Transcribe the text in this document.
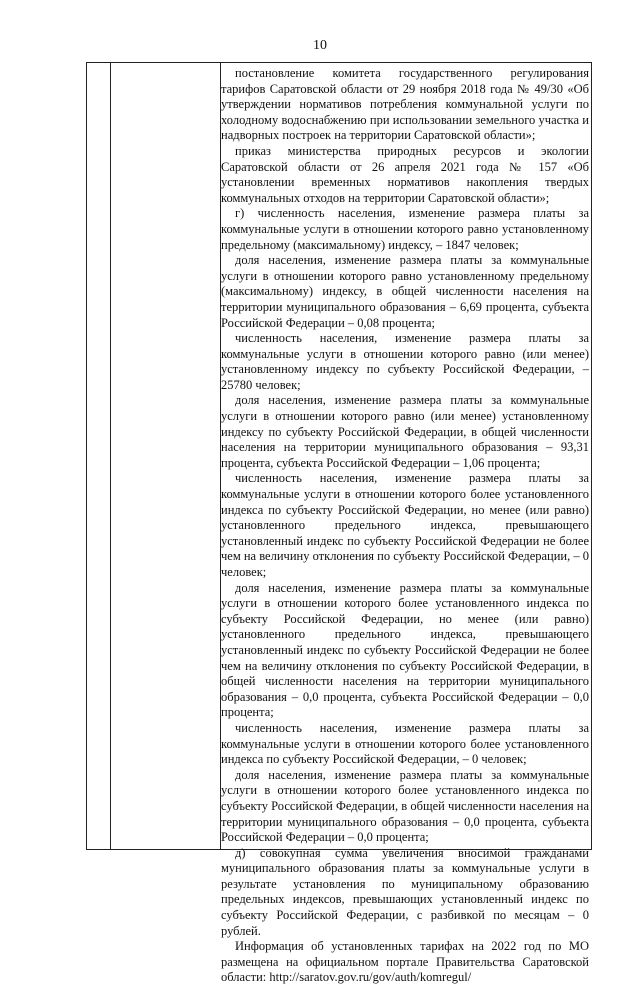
10

постановление комитета государственного регулирования тарифов Саратовской области от 29 ноября 2018 года № 49/30 «Об утверждении нормативов потребления коммунальной услуги по холодному водоснабжению при использовании земельного участка и надворных построек на территории Саратовской области»;

приказ министерства природных ресурсов и экологии Саратовской области от 26 апреля 2021 года № 157 «Об установлении временных нормативов накопления твердых коммунальных отходов на территории Саратовской области»;

г) численность населения, изменение размера платы за коммунальные услуги в отношении которого равно установленному предельному (максимальному) индексу, – 1847 человек;

доля населения, изменение размера платы за коммунальные услуги в отношении которого равно установленному предельному (максимальному) индексу, в общей численности населения на территории муниципального образования – 6,69 процента, субъекта Российской Федерации – 0,08 процента;

численность населения, изменение размера платы за коммунальные услуги в отношении которого равно (или менее) установленному индексу по субъекту Российской Федерации, – 25780 человек;

доля населения, изменение размера платы за коммунальные услуги в отношении которого равно (или менее) установленному индексу по субъекту Российской Федерации, в общей численности населения на территории муниципального образования – 93,31 процента, субъекта Российской Федерации – 1,06 процента;

численность населения, изменение размера платы за коммунальные услуги в отношении которого более установленного индекса по субъекту Российской Федерации, но менее (или равно) установленного предельного индекса, превышающего установленный индекс по субъекту Российской Федерации не более чем на величину отклонения по субъекту Российской Федерации, – 0 человек;

доля населения, изменение размера платы за коммунальные услуги в отношении которого более установленного индекса по субъекту Российской Федерации, но менее (или равно) установленного предельного индекса, превышающего установленный индекс по субъекту Российской Федерации не более чем на величину отклонения по субъекту Российской Федерации, в общей численности населения на территории муниципального образования – 0,0 процента, субъекта Российской Федерации – 0,0 процента;

численность населения, изменение размера платы за коммунальные услуги в отношении которого более установленного индекса по субъекту Российской Федерации, – 0 человек;

доля населения, изменение размера платы за коммунальные услуги в отношении которого более установленного индекса по субъекту Российской Федерации, в общей численности населения на территории муниципального образования – 0,0 процента, субъекта Российской Федерации – 0,0 процента;

д) совокупная сумма увеличения вносимой гражданами муниципального образования платы за коммунальные услуги в результате установления по муниципальному образованию предельных индексов, превышающих установленный индекс по субъекту Российской Федерации, с разбивкой по месяцам – 0 рублей.

Информация об установленных тарифах на 2022 год по МО размещена на официальном портале Правительства Саратовской области: http://saratov.gov.ru/gov/auth/komregul/
